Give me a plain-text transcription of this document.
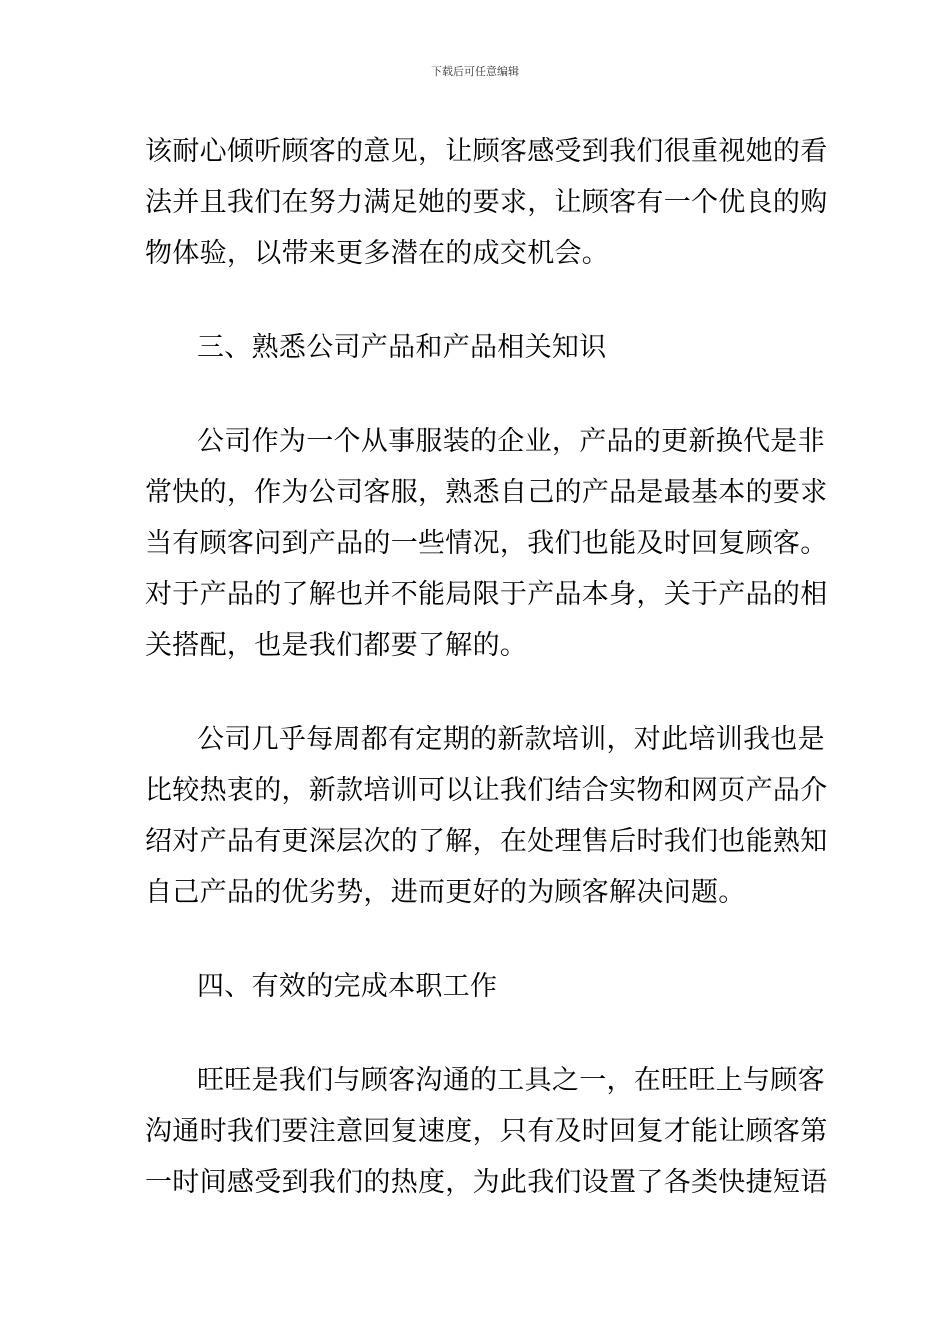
下载后可任意编辑
该耐心倾听顾客的意见，让顾客感受到我们很重视她的看
法并且我们在努力满足她的要求，让顾客有一个优良的购
物体验，以带来更多潜在的成交机会。
三、熟悉公司产品和产品相关知识
公司作为一个从事服装的企业，产品的更新换代是非
常快的，作为公司客服，熟悉自己的产品是最基本的要求
当有顾客问到产品的一些情况，我们也能及时回复顾客。
对于产品的了解也并不能局限于产品本身，关于产品的相
关搭配，也是我们都要了解的。
公司几乎每周都有定期的新款培训，对此培训我也是
比较热衷的，新款培训可以让我们结合实物和网页产品介
绍对产品有更深层次的了解，在处理售后时我们也能熟知
自己产品的优劣势，进而更好的为顾客解决问题。
四、有效的完成本职工作
旺旺是我们与顾客沟通的工具之一，在旺旺上与顾客
沟通时我们要注意回复速度，只有及时回复才能让顾客第
一时间感受到我们的热度，为此我们设置了各类快捷短语
